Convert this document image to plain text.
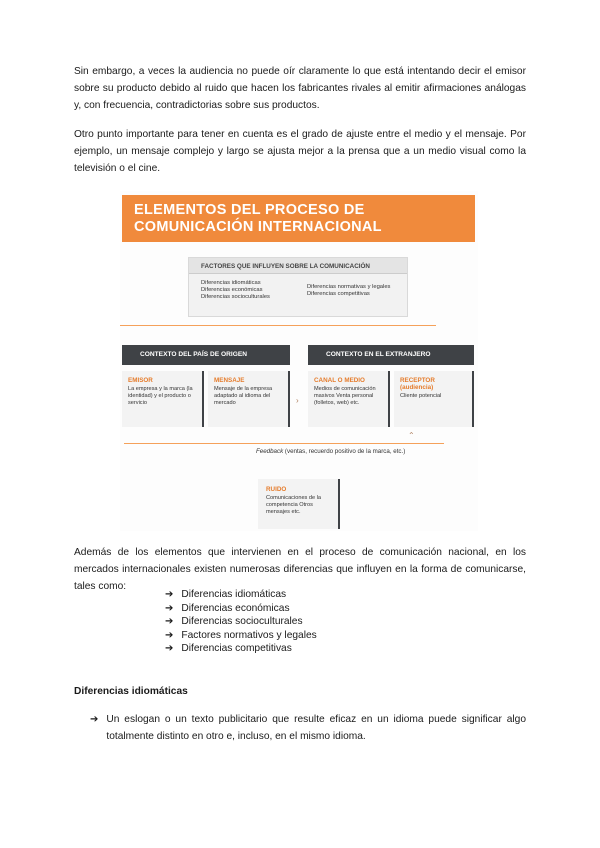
Sin embargo, a veces la audiencia no puede oír claramente lo que está intentando decir el emisor sobre su producto debido al ruido que hacen los fabricantes rivales al emitir afirmaciones análogas y, con frecuencia, contradictorias sobre sus productos.

Otro punto importante para tener en cuenta es el grado de ajuste entre el medio y el mensaje. Por ejemplo, un mensaje complejo y largo se ajusta mejor a la prensa que a un medio visual como la televisión o el cine.

ELEMENTOS DEL PROCESO DE
COMUNICACIÓN INTERNACIONAL
FACTORES QUE INFLUYEN SOBRE LA COMUNICACIÓN
Diferencias idiomáticas
Diferencias económicas
Diferencias socioculturales
Diferencias normativas y legales
Diferencias competitivas
CONTEXTO DEL PAÍS DE ORIGEN	CONTEXTO EN EL EXTRANJERO
EMISOR
La empresa y la marca (la identidad) y el producto o servicio
MENSAJE
Mensaje de la empresa adaptado al idioma del mercado	›
CANAL O MEDIO
Medios de comunicación masivos Venta personal (folletos, web) etc.
RECEPTOR
(audiencia)
Cliente potencial
⌃
Feedback (ventas, recuerdo positivo de la marca, etc.)
RUIDO
Comunicaciones de la competencia Otros mensajes etc.

Además de los elementos que intervienen en el proceso de comunicación nacional, en los mercados internacionales existen numerosas diferencias que influyen en la forma de comunicarse, tales como:

➔ Diferencias idiomáticas
➔ Diferencias económicas
➔ Diferencias socioculturales
➔ Factores normativos y legales
➔ Diferencias competitivas
Diferencias idiomáticas
➔ Un eslogan o un texto publicitario que resulte eficaz en un idioma puede significar algo totalmente distinto en otro e, incluso, en el mismo idioma.
